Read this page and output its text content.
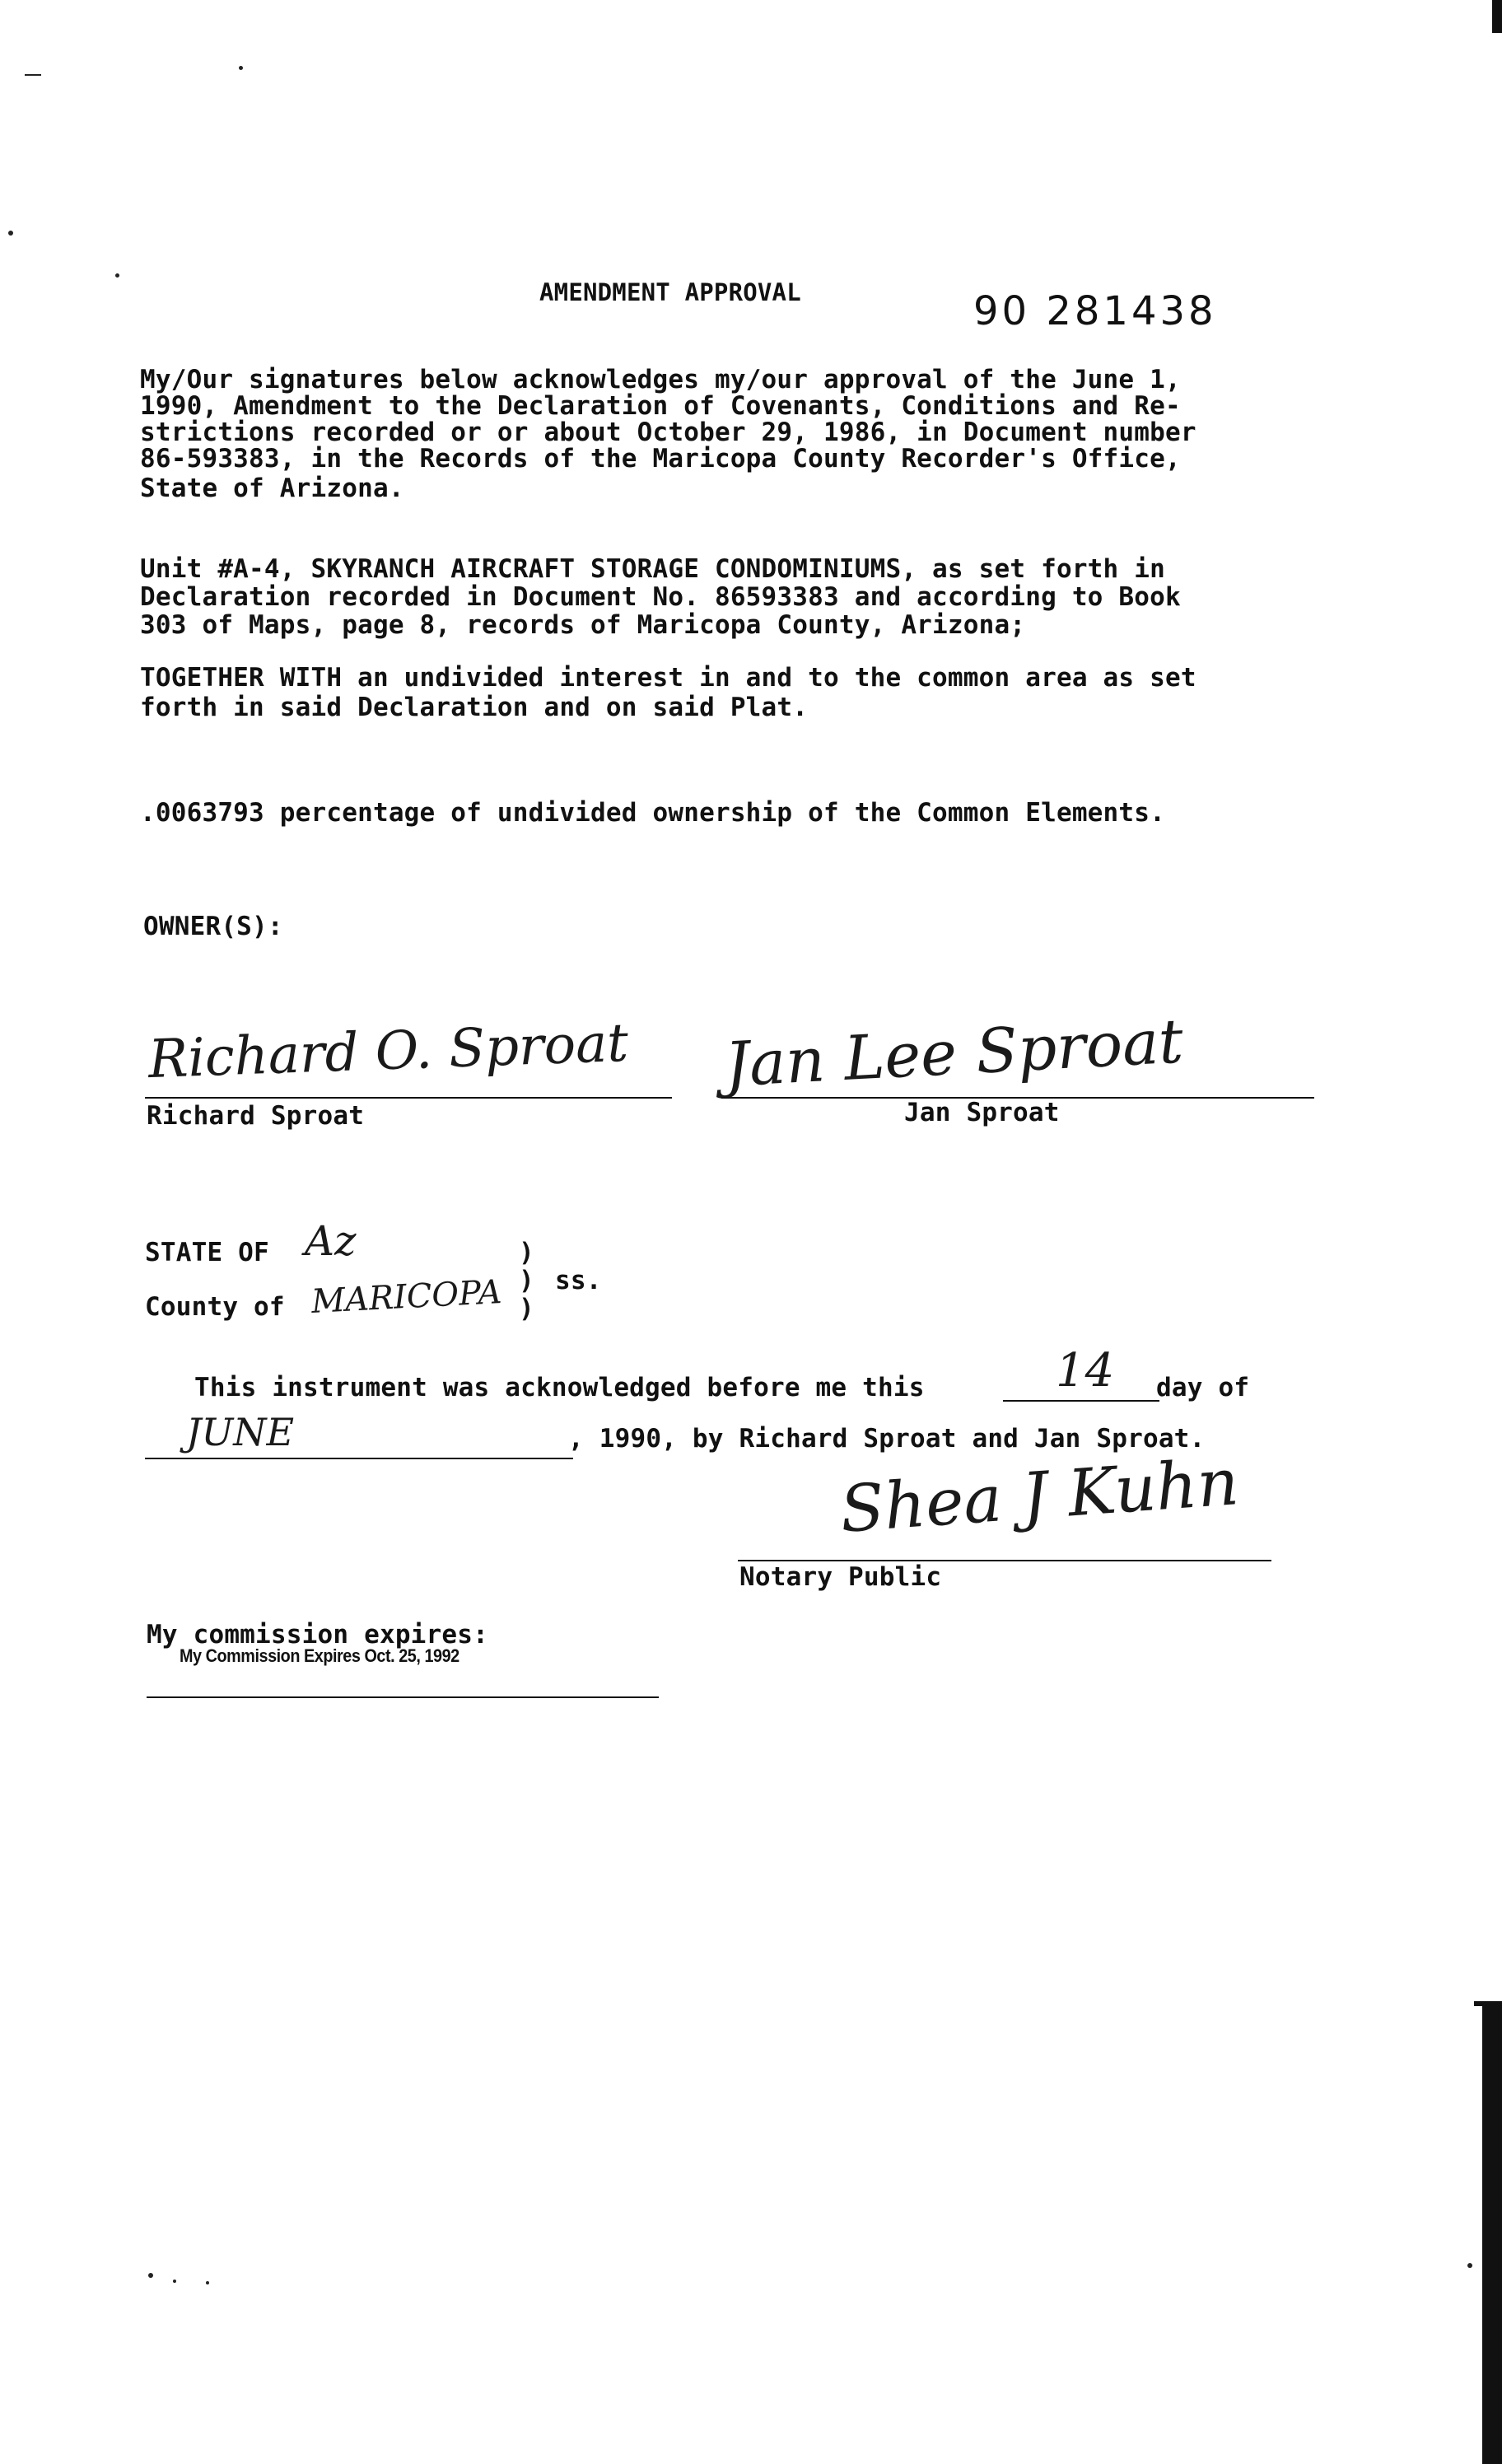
AMENDMENT APPROVAL	90 281438
My/Our signatures below acknowledges my/our approval of the June 1,
1990, Amendment to the Declaration of Covenants, Conditions and Re-
strictions recorded or or about October 29, 1986, in Document number
86-593383, in the Records of the Maricopa County Recorder's Office,
State of Arizona.
Unit #A-4, SKYRANCH AIRCRAFT STORAGE CONDOMINIUMS, as set forth in
Declaration recorded in Document No. 86593383 and according to Book
303 of Maps, page 8, records of Maricopa County, Arizona;
TOGETHER WITH an undivided interest in and to the common area as set
forth in said Declaration and on said Plat.
.0063793 percentage of undivided ownership of the Common Elements.
OWNER(S):
Richard O. Sproat
Richard Sproat
Jan Lee Sproat
Jan Sproat
STATE OF Az
County of MARICOPA
)
)
)
ss.
This instrument was acknowledged before me this	14 day of
JUNE	, 1990, by Richard Sproat and Jan Sproat.
Shea J Kuhn
Notary Public
My commission expires:
My Commission Expires Oct. 25, 1992
